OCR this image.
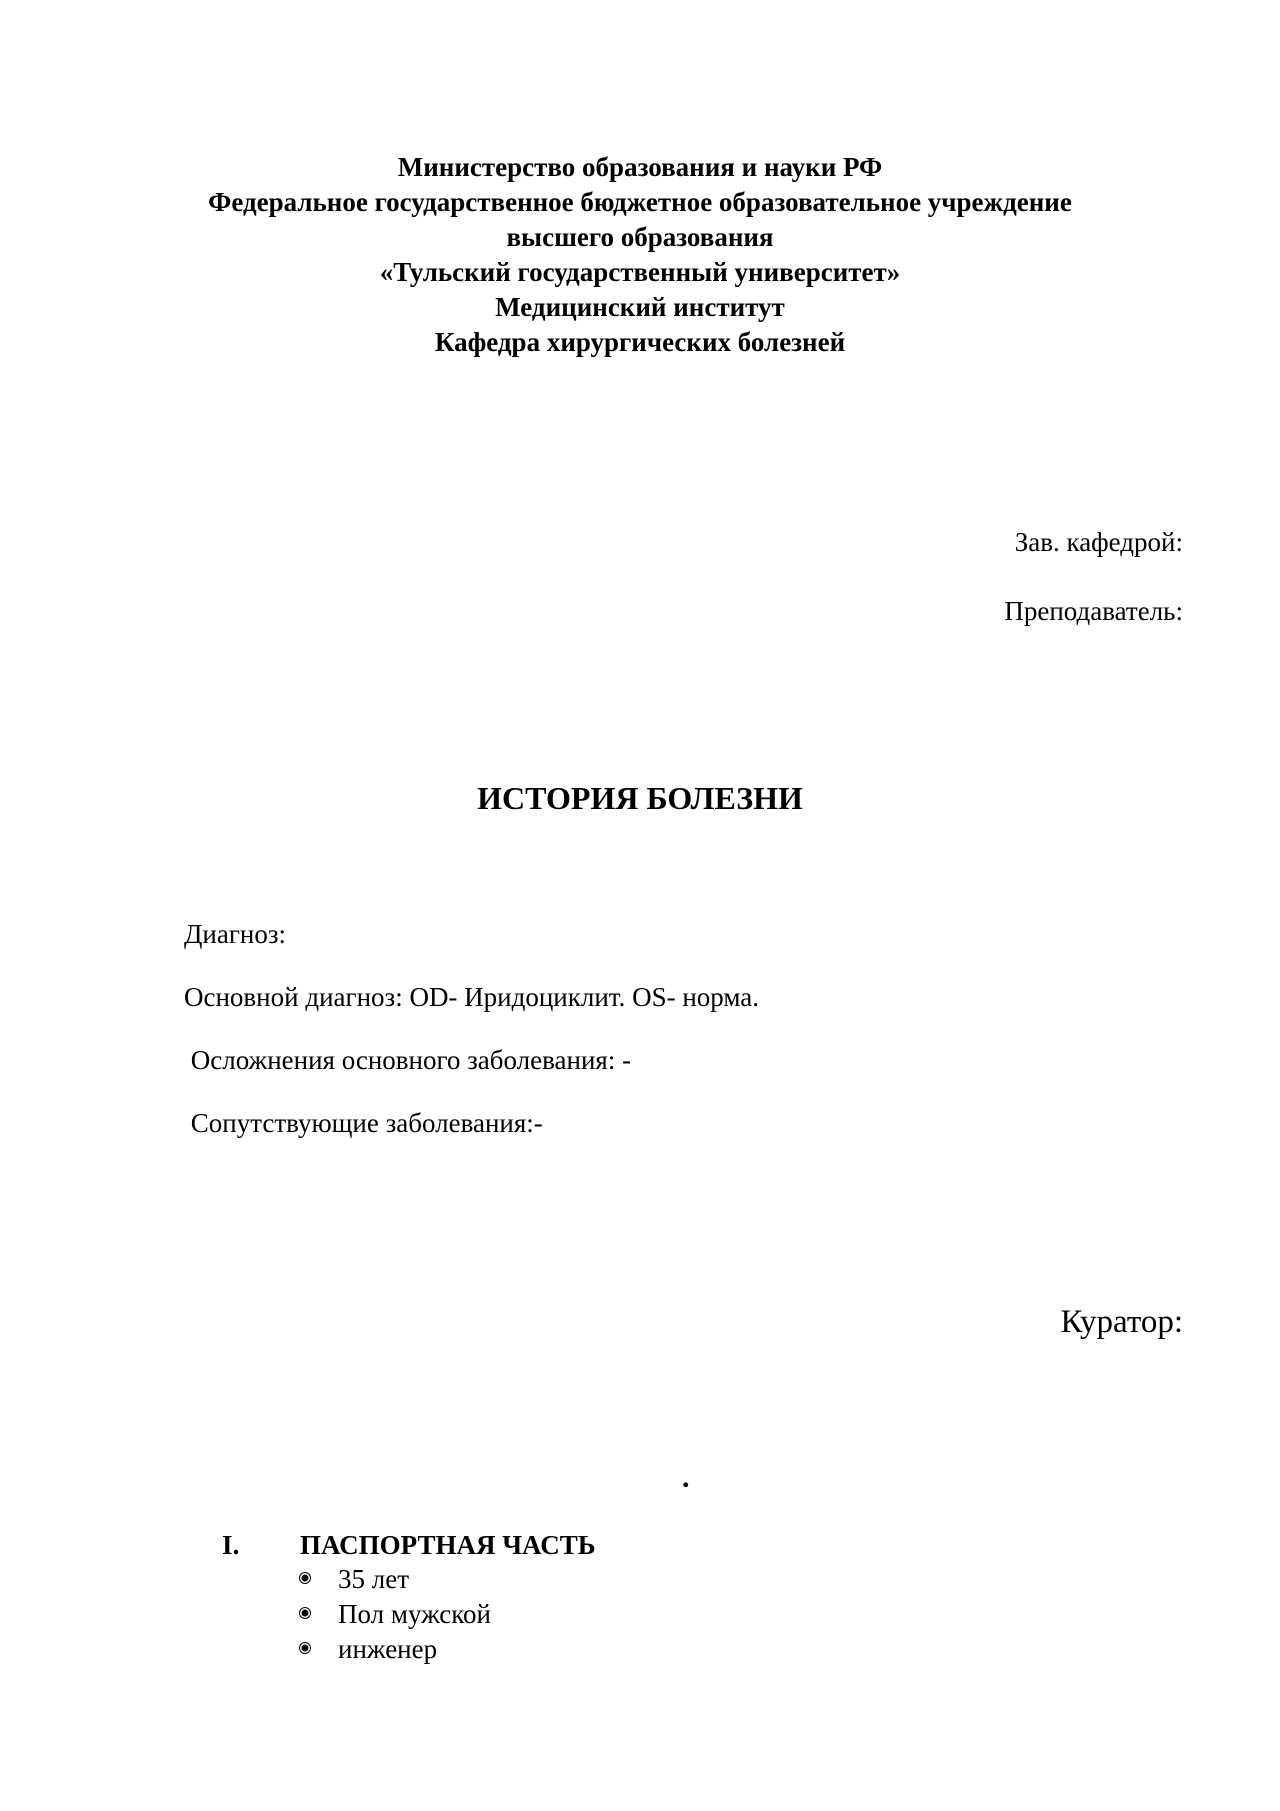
Министерство образования и науки РФ
Федеральное государственное бюджетное образовательное учреждение
высшего образования
«Тульский государственный университет»
Медицинский институт
Кафедра хирургических болезней
Зав. кафедрой:
Преподаватель:
ИСТОРИЯ БОЛЕЗНИ
Диагноз:
Основной диагноз: OD- Иридоциклит. OS- норма.
Осложнения основного заболевания: -
Сопутствующие заболевания:-
Куратор:
.
I. ПАСПОРТНАЯ ЧАСТЬ
35 лет
Пол мужской
инженер
